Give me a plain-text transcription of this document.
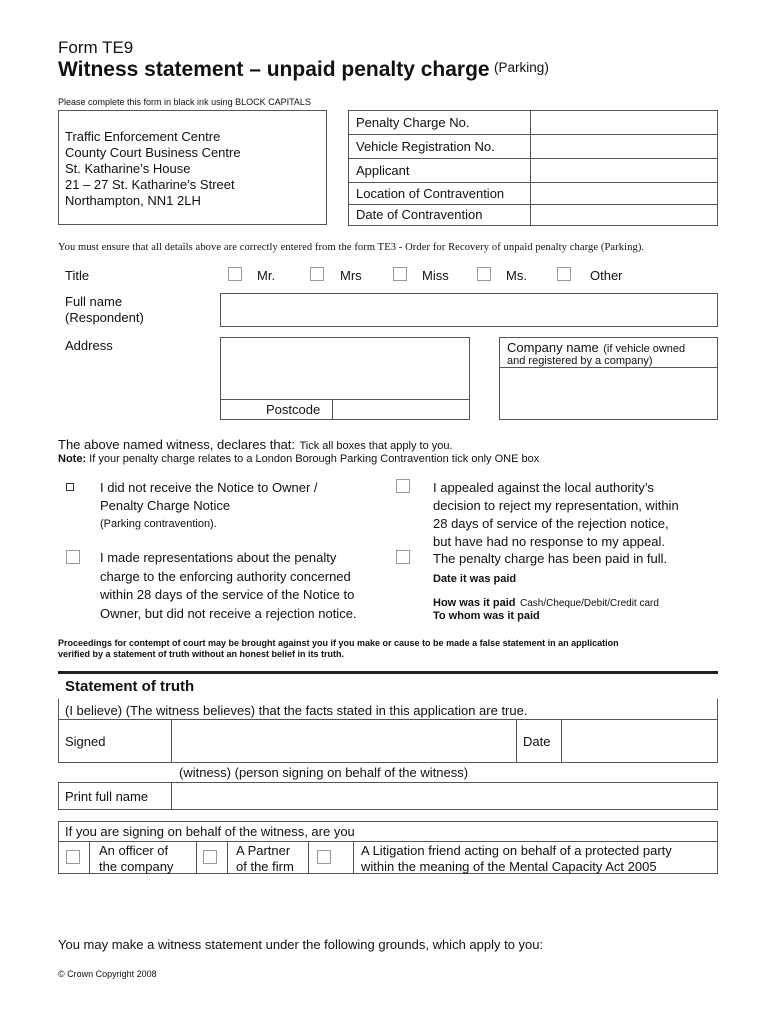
Form TE9
Witness statement – unpaid penalty charge $^{(Parking)}$
Please complete this form in black ink using BLOCK CAPITALS
Traffic Enforcement Centre
County Court Business Centre
St. Katharine’s House
21 – 27 St. Katharine’s Street
Northampton, NN1 2LH
Penalty Charge No.
Vehicle Registration No.
Applicant
Location of Contravention
Date of Contravention
You must ensure that all details above are correctly entered from the form TE3 - Order for Recovery of unpaid penalty charge (Parking).
Title	Mr.	Mrs	Miss	Ms.	Other
Full name
(Respondent)
Address
Postcode
Company name (if vehicle owned
and registered by a company)
The above named witness, declares that: Tick all boxes that apply to you.
Note: If your penalty charge relates to a London Borough Parking Contravention tick only ONE box
I did not receive the Notice to Owner /
Penalty Charge Notice
(Parking contravention).
I made representations about the penalty
charge to the enforcing authority concerned
within 28 days of the service of the Notice to
Owner, but did not receive a rejection notice.
I appealed against the local authority’s
decision to reject my representation, within
28 days of service of the rejection notice,
but have had no response to my appeal.
The penalty charge has been paid in full.
Date it was paid
How was it paid Cash/Cheque/Debit/Credit card
To whom was it paid
Proceedings for contempt of court may be brought against you if you make or cause to be made a false statement in an application
verified by a statement of truth without an honest belief in its truth.
Statement of truth
(I believe) (The witness believes) that the facts stated in this application are true.
Signed	Date
(witness) (person signing on behalf of the witness)
Print full name
If you are signing on behalf of the witness, are you
An officer of
the company
A Partner
of the firm
A Litigation friend acting on behalf of a protected party
within the meaning of the Mental Capacity Act 2005
You may make a witness statement under the following grounds, which apply to you:
© Crown Copyright 2008
